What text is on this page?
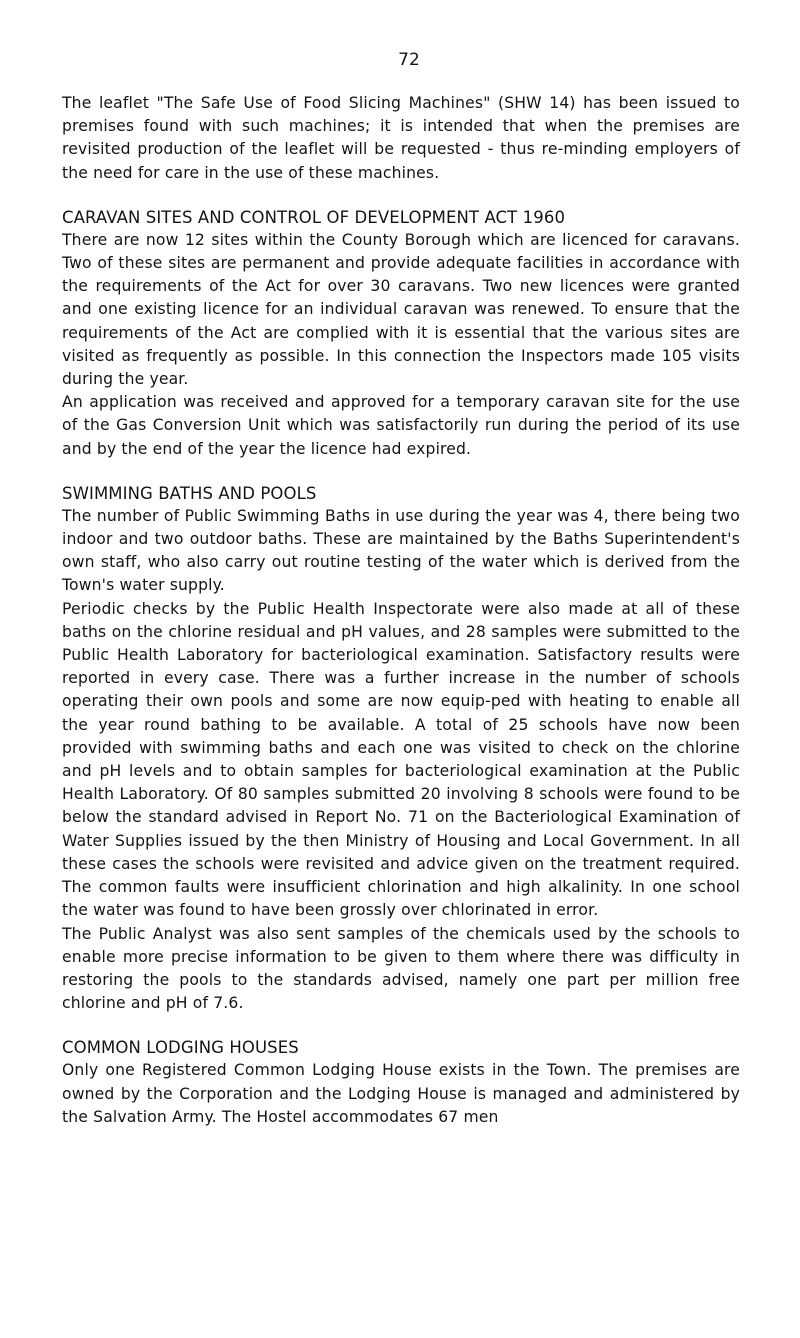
72

The leaflet "The Safe Use of Food Slicing Machines" (SHW 14) has been issued to premises found with such machines; it is intended that when the premises are revisited production of the leaflet will be requested - thus re-minding employers of the need for care in the use of these machines.

CARAVAN SITES AND CONTROL OF DEVELOPMENT ACT 1960

There are now 12 sites within the County Borough which are licenced for caravans. Two of these sites are permanent and provide adequate facilities in accordance with the requirements of the Act for over 30 caravans. Two new licences were granted and one existing licence for an individual caravan was renewed. To ensure that the requirements of the Act are complied with it is essential that the various sites are visited as frequently as possible. In this connection the Inspectors made 105 visits during the year.

An application was received and approved for a temporary caravan site for the use of the Gas Conversion Unit which was satisfactorily run during the period of its use and by the end of the year the licence had expired.

SWIMMING BATHS AND POOLS

The number of Public Swimming Baths in use during the year was 4, there being two indoor and two outdoor baths. These are maintained by the Baths Superintendent's own staff, who also carry out routine testing of the water which is derived from the Town's water supply.

Periodic checks by the Public Health Inspectorate were also made at all of these baths on the chlorine residual and pH values, and 28 samples were submitted to the Public Health Laboratory for bacteriological examination. Satisfactory results were reported in every case. There was a further increase in the number of schools operating their own pools and some are now equip-ped with heating to enable all the year round bathing to be available. A total of 25 schools have now been provided with swimming baths and each one was visited to check on the chlorine and pH levels and to obtain samples for bacteriological examination at the Public Health Laboratory. Of 80 samples submitted 20 involving 8 schools were found to be below the standard advised in Report No. 71 on the Bacteriological Examination of Water Supplies issued by the then Ministry of Housing and Local Government. In all these cases the schools were revisited and advice given on the treatment required. The common faults were insufficient chlorination and high alkalinity. In one school the water was found to have been grossly over chlorinated in error.

The Public Analyst was also sent samples of the chemicals used by the schools to enable more precise information to be given to them where there was difficulty in restoring the pools to the standards advised, namely one part per million free chlorine and pH of 7.6.

COMMON LODGING HOUSES

Only one Registered Common Lodging House exists in the Town. The premises are owned by the Corporation and the Lodging House is managed and administered by the Salvation Army. The Hostel accommodates 67 men
